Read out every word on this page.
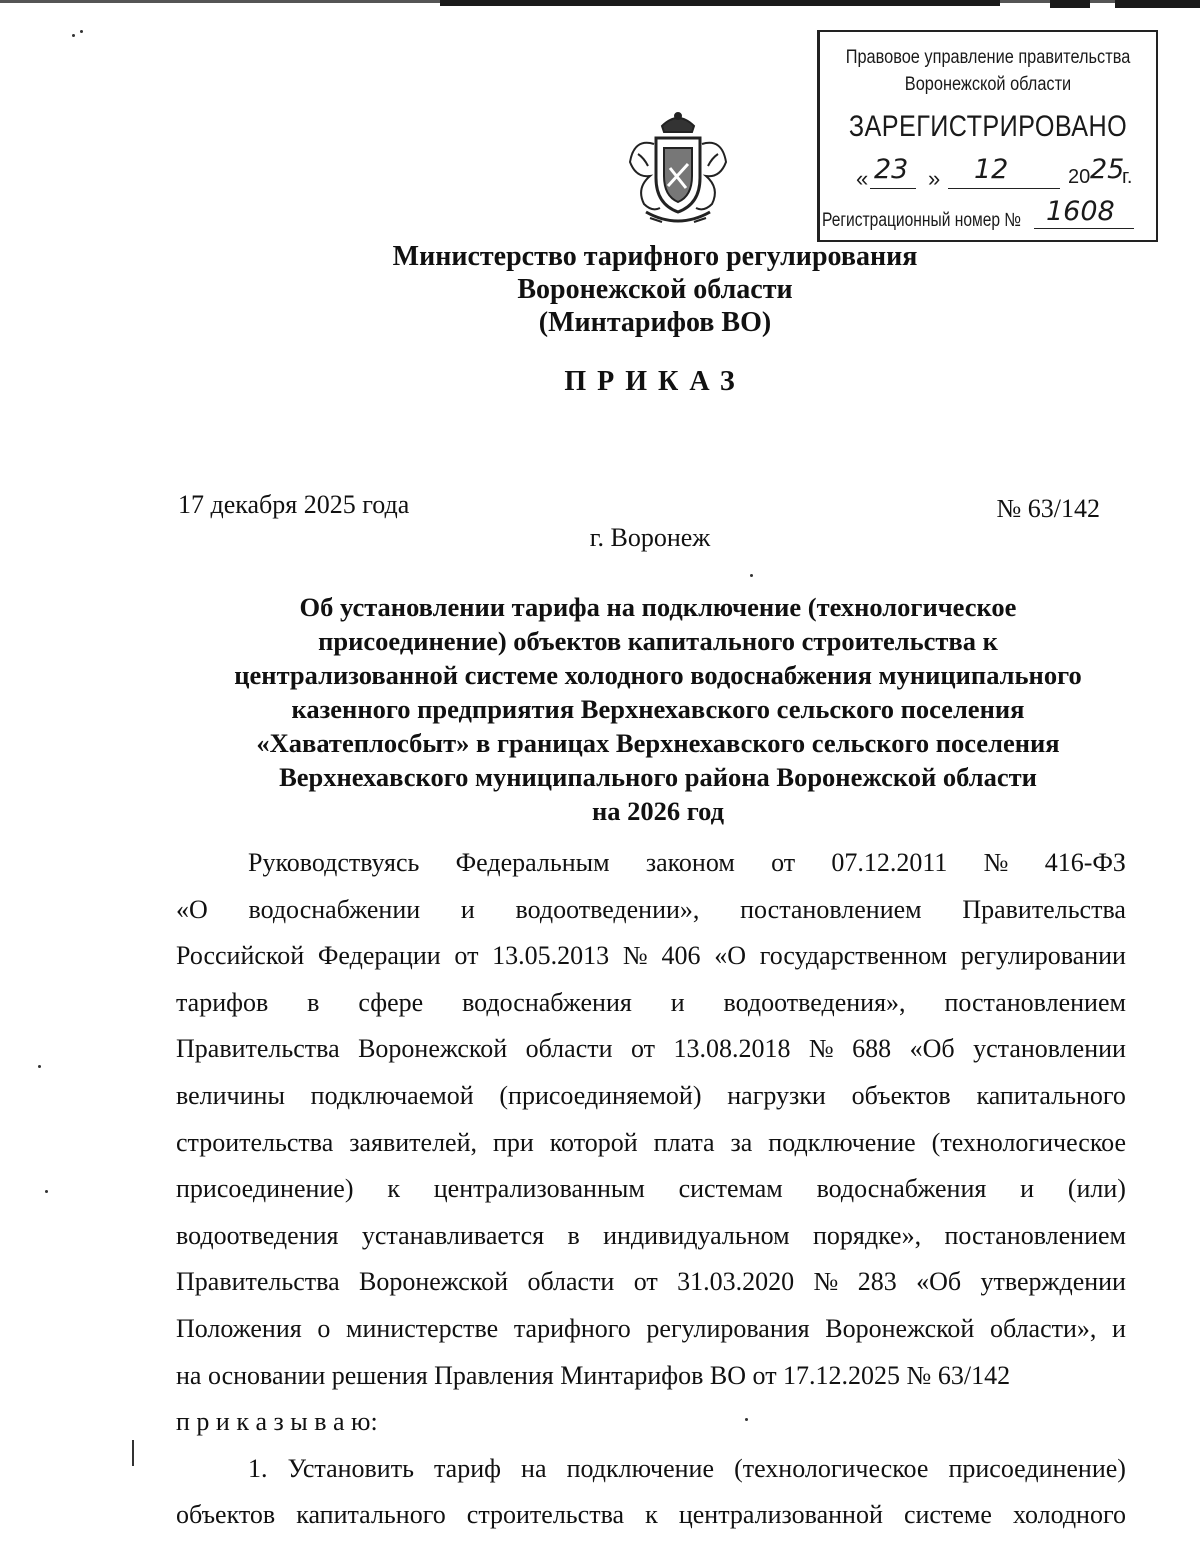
Правовое управление правительства
Воронежской области
ЗАРЕГИСТРИРОВАНО
« 23 » 12	20 25
г.
Регистрационный номер № 1608
Министерство тарифного регулирования
Воронежской области
(Минтарифов ВО)
ПРИКАЗ
17 декабря 2025 года	№ 63/142
г. Воронеж
Об установлении тарифа на подключение (технологическое
присоединение) объектов капитального строительства к
централизованной системе холодного водоснабжения муниципального
казенного предприятия Верхнехавского сельского поселения
«Хаватеплосбыт» в границах Верхнехавского сельского поселения
Верхнехавского муниципального района Воронежской области
на 2026 год
Руководствуясь Федеральным законом от 07.12.2011 № 416-ФЗ
«О водоснабжении и водоотведении», постановлением Правительства
Российской Федерации от 13.05.2013 № 406 «О государственном регулировании
тарифов в сфере водоснабжения и водоотведения», постановлением
Правительства Воронежской области от 13.08.2018 № 688 «Об установлении
величины подключаемой (присоединяемой) нагрузки объектов капитального
строительства заявителей, при которой плата за подключение (технологическое
присоединение) к централизованным системам водоснабжения и (или)
водоотведения устанавливается в индивидуальном порядке», постановлением
Правительства Воронежской области от 31.03.2020 № 283 «Об утверждении
Положения о министерстве тарифного регулирования Воронежской области», и
на основании решения Правления Минтарифов ВО от 17.12.2025 № 63/142
п р и к а з ы в а ю:
1. Установить тариф на подключение (технологическое присоединение)
объектов капитального строительства к централизованной системе холодного
